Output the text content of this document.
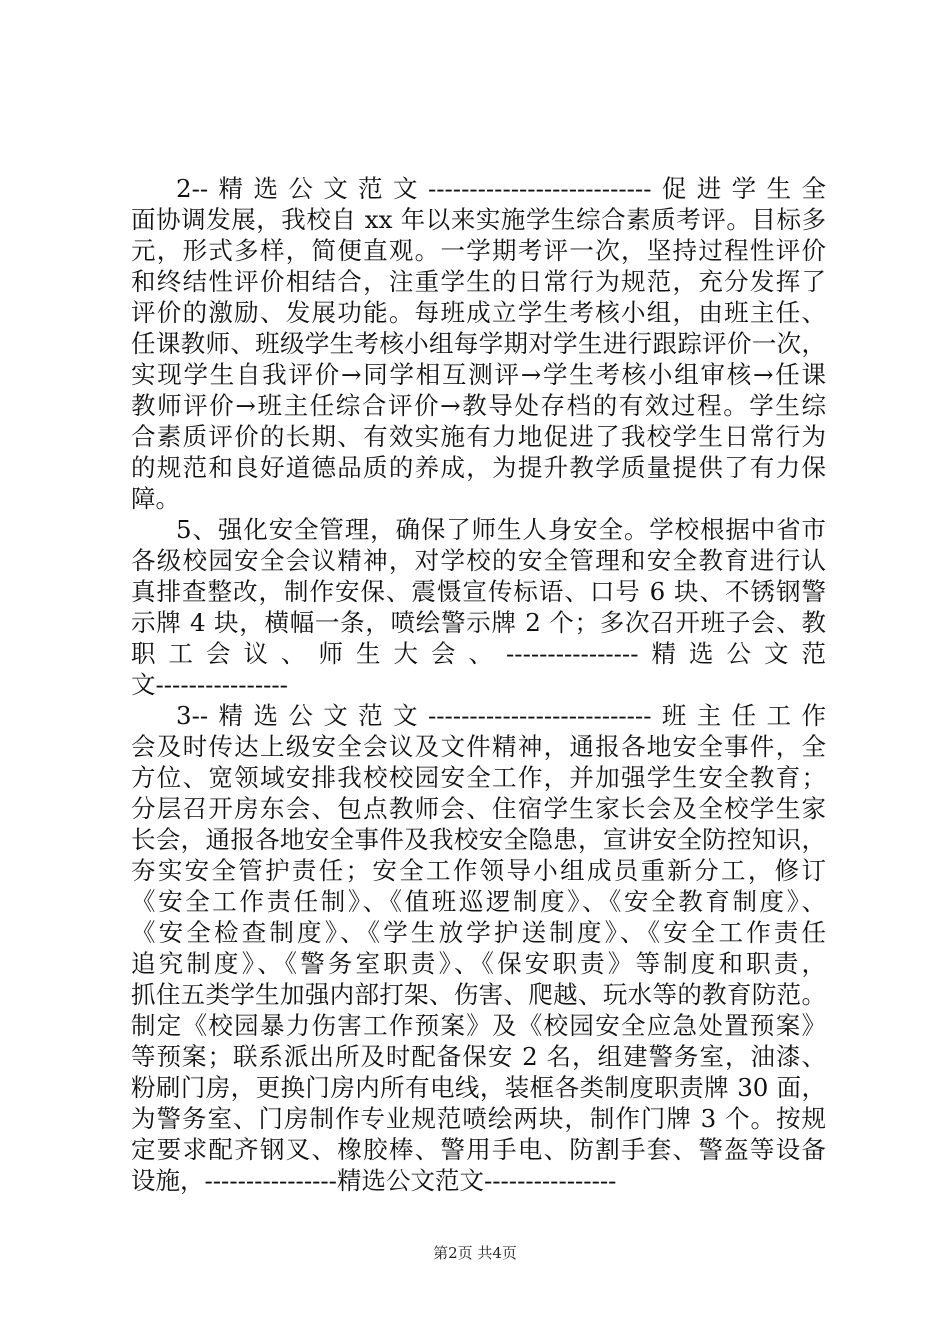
2--精选公文范文---------------------------促进学生全
面协调发展，我校自 xx 年以来实施学生综合素质考评。目标多
元，形式多样，简便直观。一学期考评一次，坚持过程性评价
和终结性评价相结合，注重学生的日常行为规范，充分发挥了
评价的激励、发展功能。每班成立学生考核小组，由班主任、
任课教师、班级学生考核小组每学期对学生进行跟踪评价一次，
实现学生自我评价→同学相互测评→学生考核小组审核→任课
教师评价→班主任综合评价→教导处存档的有效过程。学生综
合素质评价的长期、有效实施有力地促进了我校学生日常行为
的规范和良好道德品质的养成，为提升教学质量提供了有力保
障。
5、强化安全管理，确保了师生人身安全。学校根据中省市
各级校园安全会议精神，对学校的安全管理和安全教育进行认
真排查整改，制作安保、震慑宣传标语、口号 6 块、不锈钢警
示牌 4 块，横幅一条，喷绘警示牌 2 个；多次召开班子会、教
职工会议、师生大会、----------------精选公文范
文----------------
3--精选公文范文---------------------------班主任工作
会及时传达上级安全会议及文件精神，通报各地安全事件，全
方位、宽领域安排我校校园安全工作，并加强学生安全教育；
分层召开房东会、包点教师会、住宿学生家长会及全校学生家
长会，通报各地安全事件及我校安全隐患，宣讲安全防控知识，
夯实安全管护责任；安全工作领导小组成员重新分工，修订
《安全工作责任制》、《值班巡逻制度》、《安全教育制度》、
《安全检查制度》、《学生放学护送制度》、《安全工作责任
追究制度》、《警务室职责》、《保安职责》等制度和职责，
抓住五类学生加强内部打架、伤害、爬越、玩水等的教育防范。
制定《校园暴力伤害工作预案》及《校园安全应急处置预案》
等预案；联系派出所及时配备保安 2 名，组建警务室，油漆、
粉刷门房，更换门房内所有电线，装框各类制度职责牌 30 面，
为警务室、门房制作专业规范喷绘两块，制作门牌 3 个。按规
定要求配齐钢叉、橡胶棒、警用手电、防割手套、警盔等设备
设施，----------------精选公文范文----------------
第2页 共4页
